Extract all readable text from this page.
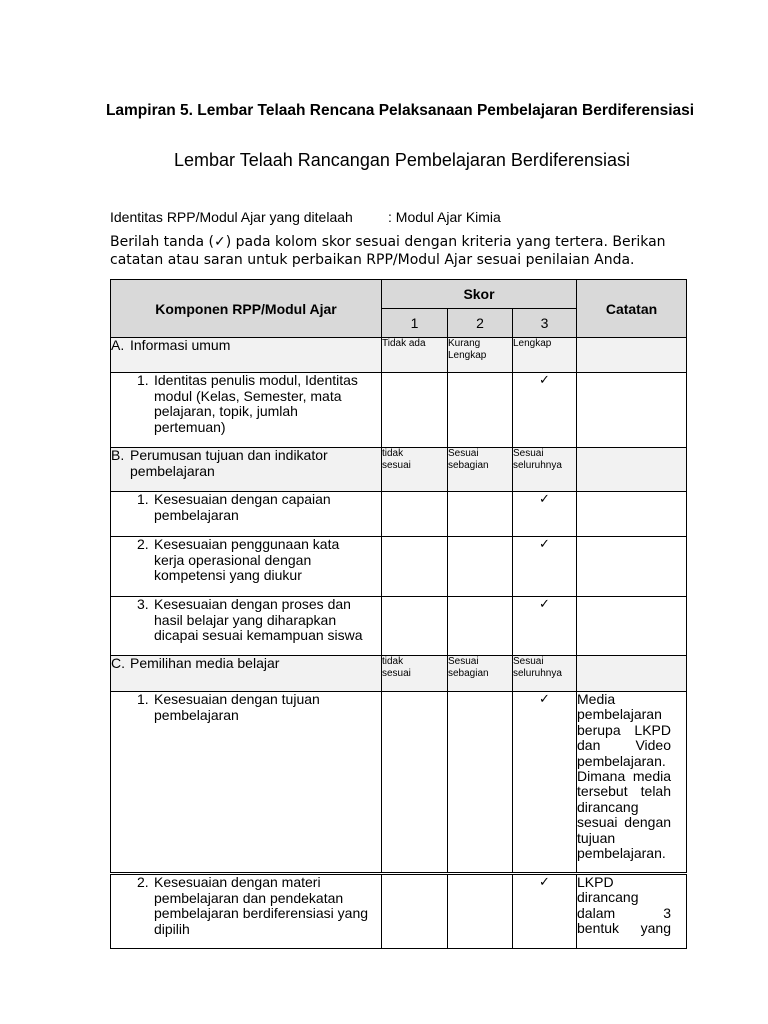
Lampiran 5. Lembar Telaah Rencana Pelaksanaan Pembelajaran Berdiferensiasi
Lembar Telaah Rancangan Pembelajaran Berdiferensiasi
Identitas RPP/Modul Ajar yang ditelaah	: Modul Ajar Kimia
Berilah tanda (✓) pada kolom skor sesuai dengan kriteria yang tertera. Berikan catatan atau saran untuk perbaikan RPP/Modul Ajar sesuai penilaian Anda.
Komponen RPP/Modul Ajar	Skor			Catatan
	1	2	3	

A. Informasi umum	Tidak ada	Kurang Lengkap	Lengkap	

1. Identitas penulis modul, Identitas modul (Kelas, Semester, mata pelajaran, topik, jumlah pertemuan)			✓	

B. Perumusan tujuan dan indikator pembelajaran	tidak sesuai	Sesuai sebagian	Sesuai seluruhnya	

1. Kesesuaian dengan capaian pembelajaran			✓	

2. Kesesuaian penggunaan kata kerja operasional dengan kompetensi yang diukur			✓	

3. Kesesuaian dengan proses dan hasil belajar yang diharapkan dicapai sesuai kemampuan siswa			✓	

C. Pemilihan media belajar	tidak sesuai	Sesuai sebagian	Sesuai seluruhnya	

1. Kesesuaian dengan tujuan pembelajaran			✓	Media pembelajaran berupa LKPD dan Video pembelajaran. Dimana media tersebut telah dirancang sesuai dengan tujuan pembelajaran.

2. Kesesuaian dengan materi pembelajaran dan pendekatan pembelajaran berdiferensiasi yang dipilih			✓	LKPD dirancang dalam 3 bentuk yang
